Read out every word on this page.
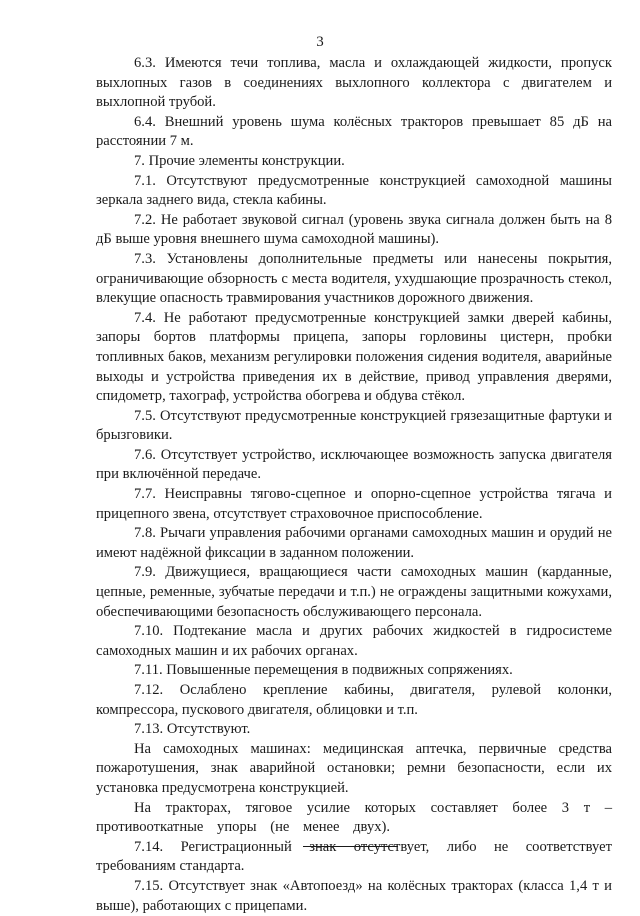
3

6.3. Имеются течи топлива, масла и охлаждающей жидкости, пропуск выхлопных газов в соединениях выхлопного коллектора с двигателем и выхлопной трубой.

6.4. Внешний уровень шума колёсных тракторов превышает 85 дБ на расстоянии 7 м.

7. Прочие элементы конструкции.

7.1. Отсутствуют предусмотренные конструкцией самоходной машины зеркала заднего вида, стекла кабины.

7.2. Не работает звуковой сигнал (уровень звука сигнала должен быть на 8 дБ выше уровня внешнего шума самоходной машины).

7.3. Установлены дополнительные предметы или нанесены покрытия, ограничивающие обзорность с места водителя, ухудшающие прозрачность стекол, влекущие опасность травмирования участников дорожного движения.

7.4. Не работают предусмотренные конструкцией замки дверей кабины, запоры бортов платформы прицепа, запоры горловины цистерн, пробки топливных баков, механизм регулировки положения сидения водителя, аварийные выходы и устройства приведения их в действие, привод управления дверями, спидометр, тахограф, устройства обогрева и обдува стёкол.

7.5. Отсутствуют предусмотренные конструкцией грязезащитные фартуки и брызговики.

7.6. Отсутствует устройство, исключающее возможность запуска двигателя при включённой передаче.

7.7. Неисправны тягово-сцепное и опорно-сцепное устройства тягача и прицепного звена, отсутствует страховочное приспособление.

7.8. Рычаги управления рабочими органами самоходных машин и орудий не имеют надёжной фиксации в заданном положении.

7.9. Движущиеся, вращающиеся части самоходных машин (карданные, цепные, ременные, зубчатые передачи и т.п.) не ограждены защитными кожухами, обеспечивающими безопасность обслуживающего персонала.

7.10. Подтекание масла и других рабочих жидкостей в гидросистеме самоходных машин и их рабочих органах.

7.11. Повышенные перемещения в подвижных сопряжениях.

7.12. Ослаблено крепление кабины, двигателя, рулевой колонки, компрессора, пускового двигателя, облицовки и т.п.

7.13. Отсутствуют.

На самоходных машинах: медицинская аптечка, первичные средства пожаротушения, знак аварийной остановки; ремни безопасности, если их установка предусмотрена конструкцией.

На тракторах, тяговое усилие которых составляет более 3 т – противооткатные упоры (не менее двух).

7.14. Регистрационный знак отсутствует, либо не соответствует требованиям стандарта.

7.15. Отсутствует знак «Автопоезд» на колёсных тракторах (класса 1,4 т и выше), работающих с прицепами.
